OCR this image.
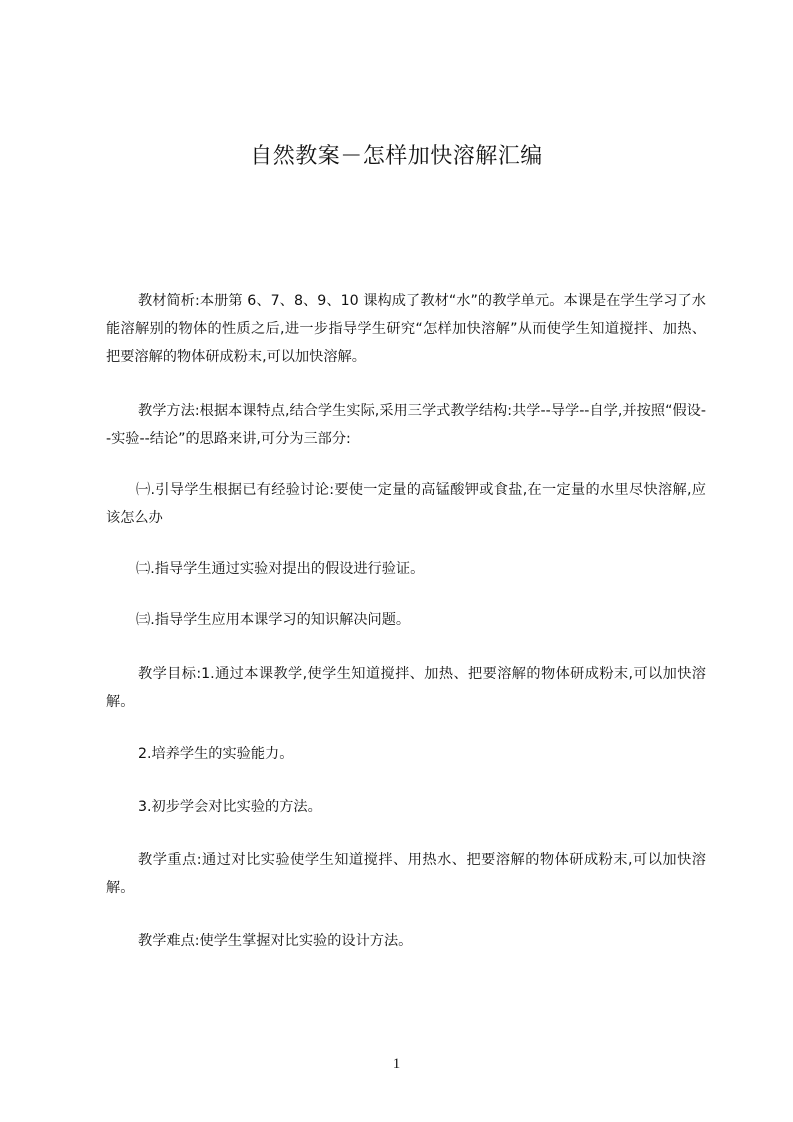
自然教案－怎样加快溶解汇编

教材简析:本册第 6、7、8、9、10 课构成了教材“水”的教学单元。本课是在学生学习了水能溶解别的物体的性质之后,进一步指导学生研究“怎样加快溶解”从而使学生知道搅拌、加热、把要溶解的物体研成粉末,可以加快溶解。

教学方法:根据本课特点,结合学生实际,采用三学式教学结构:共学--导学--自学,并按照“假设--实验--结论”的思路来讲,可分为三部分:

㈠.引导学生根据已有经验讨论:要使一定量的高锰酸钾或食盐,在一定量的水里尽快溶解,应该怎么办

㈡.指导学生通过实验对提出的假设进行验证。

㈢.指导学生应用本课学习的知识解决问题。

教学目标:1.通过本课教学,使学生知道搅拌、加热、把要溶解的物体研成粉末,可以加快溶解。

2.培养学生的实验能力。

3.初步学会对比实验的方法。

教学重点:通过对比实验使学生知道搅拌、用热水、把要溶解的物体研成粉末,可以加快溶解。

教学难点:使学生掌握对比实验的设计方法。

1
